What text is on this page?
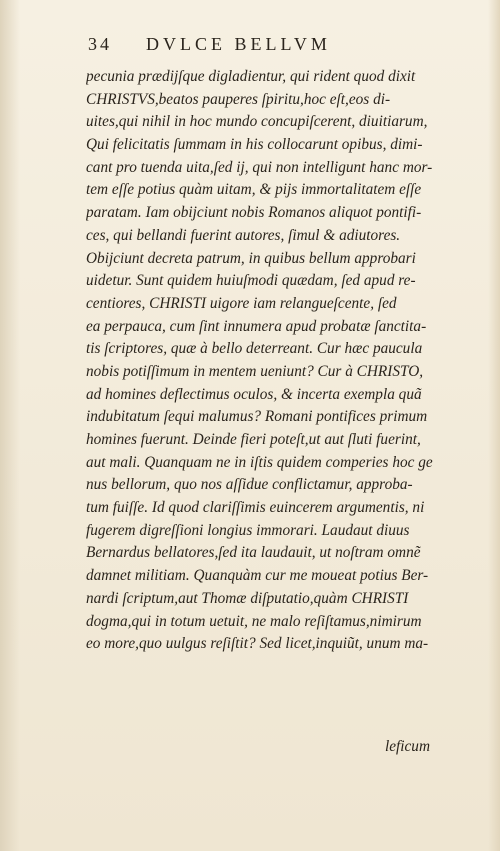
34 DVLCE BELLVM
pecunia prædijſque digladientur, qui rident quod dixit
CHRISTVS,beatos pauperes ſpiritu,hoc eſt,eos di-
uites,qui nihil in hoc mundo concupiſcerent, diuitiarum,
Qui felicitatis ſummam in his collocarunt opibus, dimi-
cant pro tuenda uita,ſed ij, qui non intelligunt hanc mor-
tem eſſe potius quàm uitam, & pijs immortalitatem eſſe
paratam. Iam obijciunt nobis Romanos aliquot pontifi-
ces, qui bellandi fuerint autores, ſimul & adiutores.
Obijciunt decreta patrum, in quibus bellum approbari
uidetur. Sunt quidem huiuſmodi quædam, ſed apud re-
centiores, CHRISTI uigore iam relangueſcente, ſed
ea perpauca, cum ſint innumera apud probatæ ſanctita-
tis ſcriptores, quæ à bello deterreant. Cur hæc paucula
nobis potiſſimum in mentem ueniunt? Cur à CHRISTO,
ad homines deflectimus oculos, & incerta exempla quã
indubitatum ſequi malumus? Romani pontifices primum
homines fuerunt. Deinde fieri poteſt,ut aut ſluti fuerint,
aut mali. Quanquam ne in iſtis quidem comperies hoc ge
nus bellorum, quo nos aſſidue conflictamur, approba-
tum fuiſſe. Id quod clariſſimis euincerem argumentis, ni
fugerem digreſſioni longius immorari. Laudaut diuus
Bernardus bellatores,ſed ita laudauit, ut noſtram omnẽ
damnet militiam. Quanquàm cur me moueat potius Ber-
nardi ſcriptum,aut Thomæ diſputatio,quàm CHRISTI
dogma,qui in totum uetuit, ne malo reſiſtamus,nimirum
eo more,quo uulgus reſiſtit? Sed licet,inquiũt, unum ma-
leficum
